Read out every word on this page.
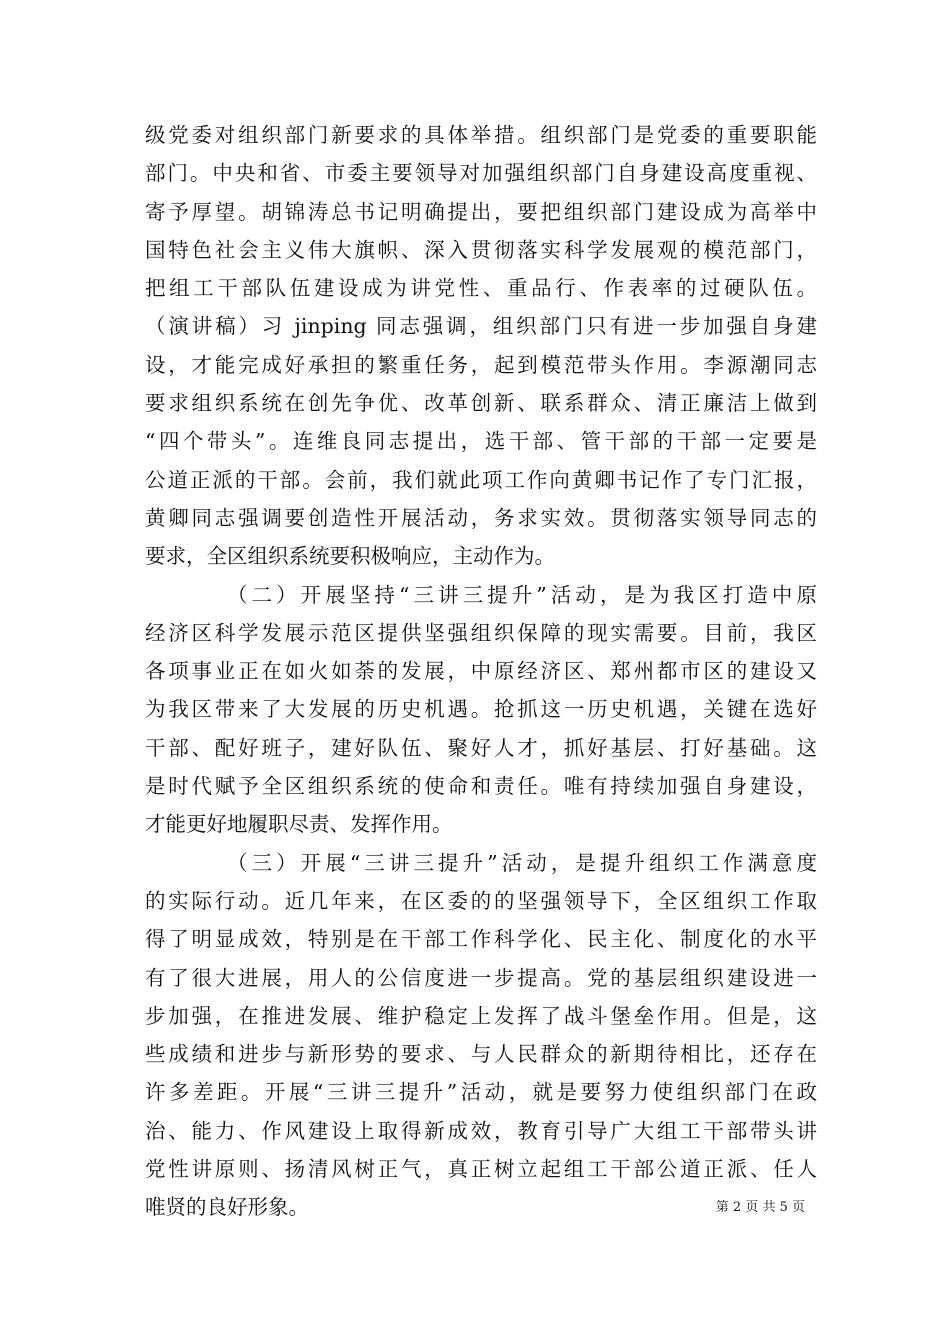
级党委对组织部门新要求的具体举措。组织部门是党委的重要职能
部门。中央和省、市委主要领导对加强组织部门自身建设高度重视、
寄予厚望。胡锦涛总书记明确提出，要把组织部门建设成为高举中
国特色社会主义伟大旗帜、深入贯彻落实科学发展观的模范部门，
把组工干部队伍建设成为讲党性、重品行、作表率的过硬队伍。
（演讲稿）习 jinping 同志强调，组织部门只有进一步加强自身建
设，才能完成好承担的繁重任务，起到模范带头作用。李源潮同志
要求组织系统在创先争优、改革创新、联系群众、清正廉洁上做到
“四个带头”。连维良同志提出，选干部、管干部的干部一定要是
公道正派的干部。会前，我们就此项工作向黄卿书记作了专门汇报，
黄卿同志强调要创造性开展活动，务求实效。贯彻落实领导同志的
要求，全区组织系统要积极响应，主动作为。
（二）开展坚持“三讲三提升”活动，是为我区打造中原
经济区科学发展示范区提供坚强组织保障的现实需要。目前，我区
各项事业正在如火如荼的发展，中原经济区、郑州都市区的建设又
为我区带来了大发展的历史机遇。抢抓这一历史机遇，关键在选好
干部、配好班子，建好队伍、聚好人才，抓好基层、打好基础。这
是时代赋予全区组织系统的使命和责任。唯有持续加强自身建设，
才能更好地履职尽责、发挥作用。
（三）开展“三讲三提升”活动，是提升组织工作满意度
的实际行动。近几年来，在区委的的坚强领导下，全区组织工作取
得了明显成效，特别是在干部工作科学化、民主化、制度化的水平
有了很大进展，用人的公信度进一步提高。党的基层组织建设进一
步加强，在推进发展、维护稳定上发挥了战斗堡垒作用。但是，这
些成绩和进步与新形势的要求、与人民群众的新期待相比，还存在
许多差距。开展“三讲三提升”活动，就是要努力使组织部门在政
治、能力、作风建设上取得新成效，教育引导广大组工干部带头讲
党性讲原则、扬清风树正气，真正树立起组工干部公道正派、任人
唯贤的良好形象。	第 2 页 共 5 页
